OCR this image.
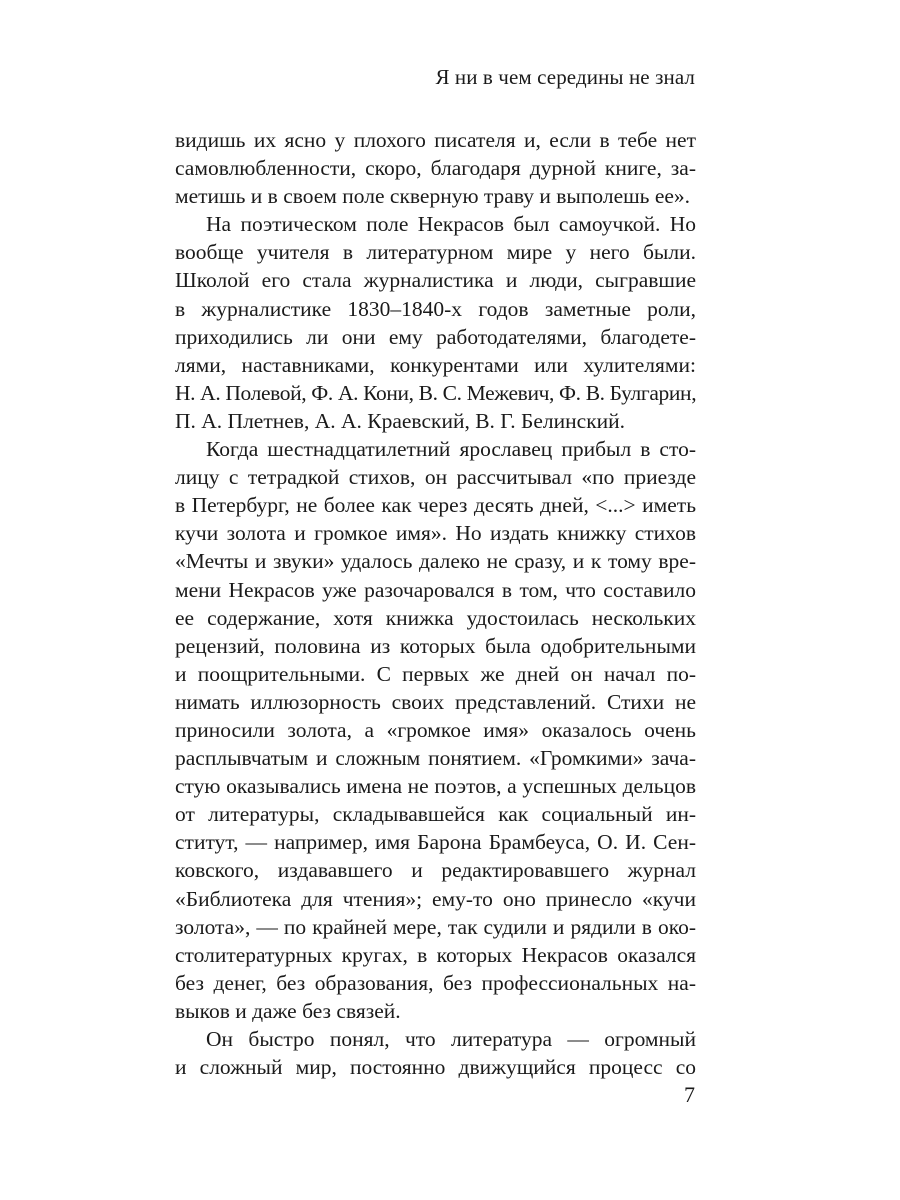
Я ни в чем середины не знал
видишь их ясно у плохого писателя и, если в тебе нет
самовлюбленности, скоро, благодаря дурной книге, за-
метишь и в своем поле скверную траву и выполешь ее».
На поэтическом поле Некрасов был самоучкой. Но
вообще учителя в литературном мире у него были.
Школой его стала журналистика и люди, сыгравшие
в журналистике 1830–1840-х годов заметные роли,
приходились ли они ему работодателями, благодете-
лями, наставниками, конкурентами или хулителями:
Н. А. Полевой, Ф. А. Кони, В. С. Межевич, Ф. В. Булгарин,
П. А. Плетнев, А. А. Краевский, В. Г. Белинский.
Когда шестнадцатилетний ярославец прибыл в сто-
лицу с тетрадкой стихов, он рассчитывал «по приезде
в Петербург, не более как через десять дней, <...> иметь
кучи золота и громкое имя». Но издать книжку стихов
«Мечты и звуки» удалось далеко не сразу, и к тому вре-
мени Некрасов уже разочаровался в том, что составило
ее содержание, хотя книжка удостоилась нескольких
рецензий, половина из которых была одобрительными
и поощрительными. С первых же дней он начал по-
нимать иллюзорность своих представлений. Стихи не
приносили золота, а «громкое имя» оказалось очень
расплывчатым и сложным понятием. «Громкими» зача-
стую оказывались имена не поэтов, а успешных дельцов
от литературы, складывавшейся как социальный ин-
ститут, — например, имя Барона Брамбеуса, О. И. Сен-
ковского, издававшего и редактировавшего журнал
«Библиотека для чтения»; ему-то оно принесло «кучи
золота», — по крайней мере, так судили и рядили в око-
столитературных кругах, в которых Некрасов оказался
без денег, без образования, без профессиональных на-
выков и даже без связей.
Он быстро понял, что литература — огромный
и сложный мир, постоянно движущийся процесс со
7
